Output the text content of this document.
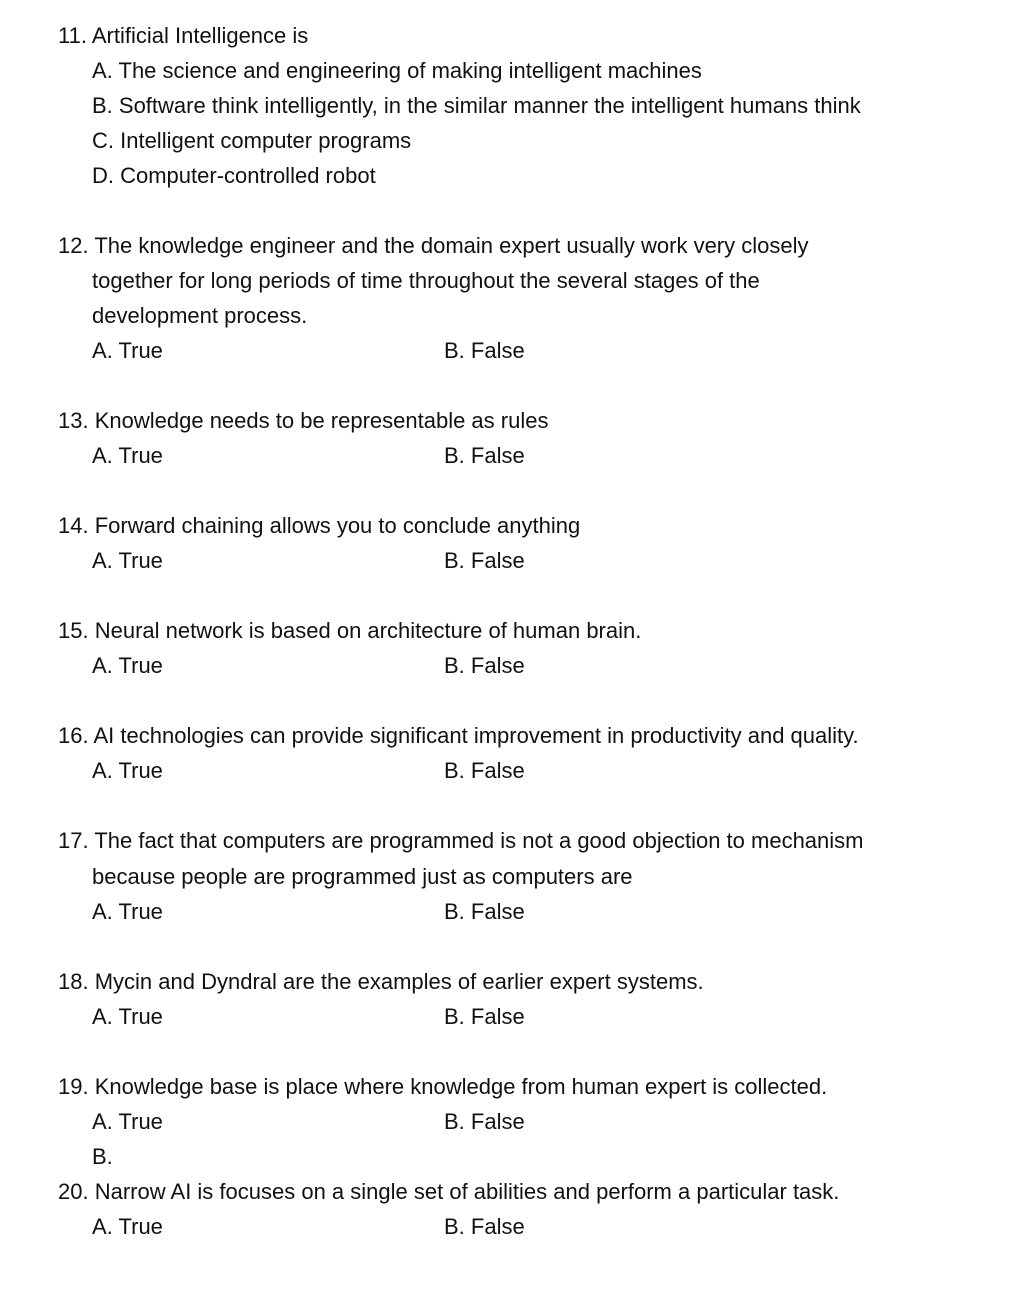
11. Artificial Intelligence is
A. The science and engineering of making intelligent machines
B. Software think intelligently, in the similar manner the intelligent humans think
C. Intelligent computer programs
D. Computer-controlled robot
12. The knowledge engineer and the domain expert usually work very closely
together for long periods of time throughout the several stages of the
development process.
A. True	B. False
13. Knowledge needs to be representable as rules
A. True	B. False
14. Forward chaining allows you to conclude anything
A. True	B. False
15. Neural network is based on architecture of human brain.
A. True	B. False
16. AI technologies can provide significant improvement in productivity and quality.
A. True	B. False
17. The fact that computers are programmed is not a good objection to mechanism
because people are programmed just as computers are
A. True	B. False
18. Mycin and Dyndral are the examples of earlier expert systems.
A. True	B. False
19. Knowledge base is place where knowledge from human expert is collected.
A. True	B. False
B.
20. Narrow AI is focuses on a single set of abilities and perform a particular task.
A. True	B. False
